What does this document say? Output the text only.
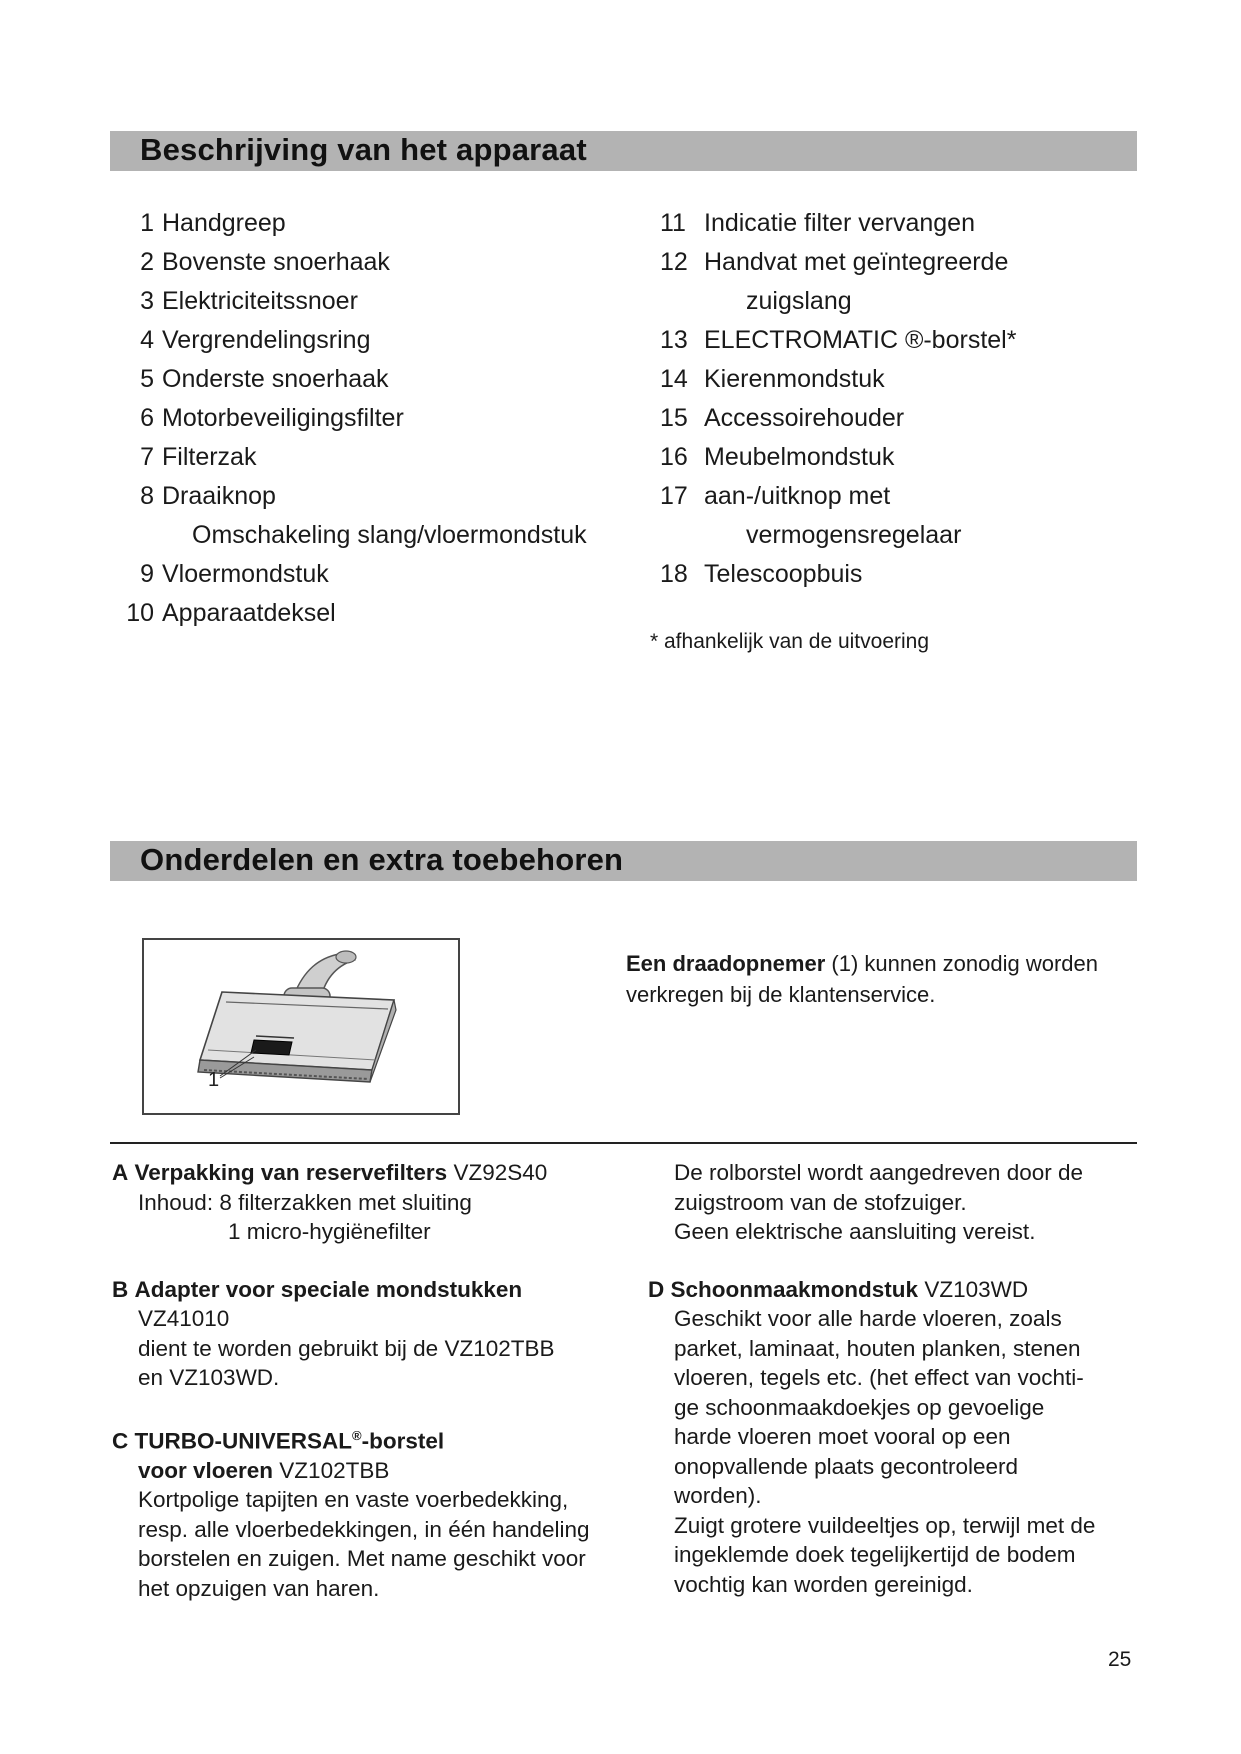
Beschrijving van het apparaat
1 Handgreep
2 Bovenste snoerhaak
3 Elektriciteitssnoer
4 Vergrendelingsring
5 Onderste snoerhaak
6 Motorbeveiligingsfilter
7 Filterzak
8 Draaiknop
Omschakeling slang/vloermondstuk
9 Vloermondstuk
10 Apparaatdeksel
11 Indicatie filter vervangen
12 Handvat met geïntegreerde
zuigslang
13 ELECTROMATIC ®-borstel*
14 Kierenmondstuk
15 Accessoirehouder
16 Meubelmondstuk
17 aan-/uitknop met
vermogensregelaar
18 Telescoopbuis
* afhankelijk van de uitvoering
Onderdelen en extra toebehoren
1

Een draadopnemer (1) kunnen zonodig worden

verkregen bij de klantenservice.

A Verpakking van reservefilters VZ92S40

Inhoud: 8 filterzakken met sluiting

1 micro-hygiënefilter

B Adapter voor speciale mondstukken

VZ41010

dient te worden gebruikt bij de VZ102TBB

en VZ103WD.

C TURBO-UNIVERSAL®-borstel

voor vloeren VZ102TBB

Kortpolige tapijten en vaste voerbedekking,

resp. alle vloerbedekkingen, in één handeling

borstelen en zuigen. Met name geschikt voor

het opzuigen van haren.

De rolborstel wordt aangedreven door de

zuigstroom van de stofzuiger.

Geen elektrische aansluiting vereist.

D Schoonmaakmondstuk VZ103WD

Geschikt voor alle harde vloeren, zoals

parket, laminaat, houten planken, stenen

vloeren, tegels etc. (het effect van vochti-

ge schoonmaakdoekjes op gevoelige

harde vloeren moet vooral op een

onopvallende plaats gecontroleerd

worden).

Zuigt grotere vuildeeltjes op, terwijl met de

ingeklemde doek tegelijkertijd de bodem

vochtig kan worden gereinigd.

25
